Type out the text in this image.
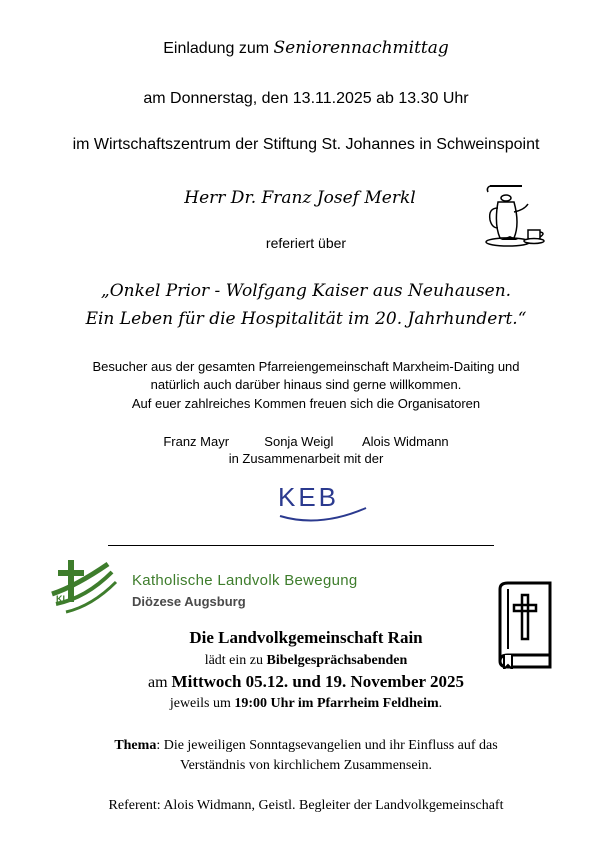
Einladung zum Seniorennachmittag
am Donnerstag, den 13.11.2025 ab 13.30 Uhr
im Wirtschaftszentrum der Stiftung St. Johannes in Schweinspoint
Herr Dr. Franz Josef Merkl
referiert über
„Onkel Prior - Wolfgang Kaiser aus Neuhausen.
Ein Leben für die Hospitalität im 20. Jahrhundert.“
Besucher aus der gesamten Pfarreiengemeinschaft Marxheim-Daiting und
natürlich auch darüber hinaus sind gerne willkommen.
Auf euer zahlreiches Kommen freuen sich die Organisatoren
Franz Mayr	Sonja Weigl Alois Widmann
in Zusammenarbeit mit der
KEB
KLB
Katholische Landvolk Bewegung
Diözese Augsburg
Die Landvolkgemeinschaft Rain
lädt ein zu Bibelgesprächsabenden
am Mittwoch 05.12. und 19. November 2025
jeweils um 19:00 Uhr im Pfarrheim Feldheim.
Thema: Die jeweiligen Sonntagsevangelien und ihr Einfluss auf das
Verständnis von kirchlichem Zusammensein.
Referent: Alois Widmann, Geistl. Begleiter der Landvolkgemeinschaft
